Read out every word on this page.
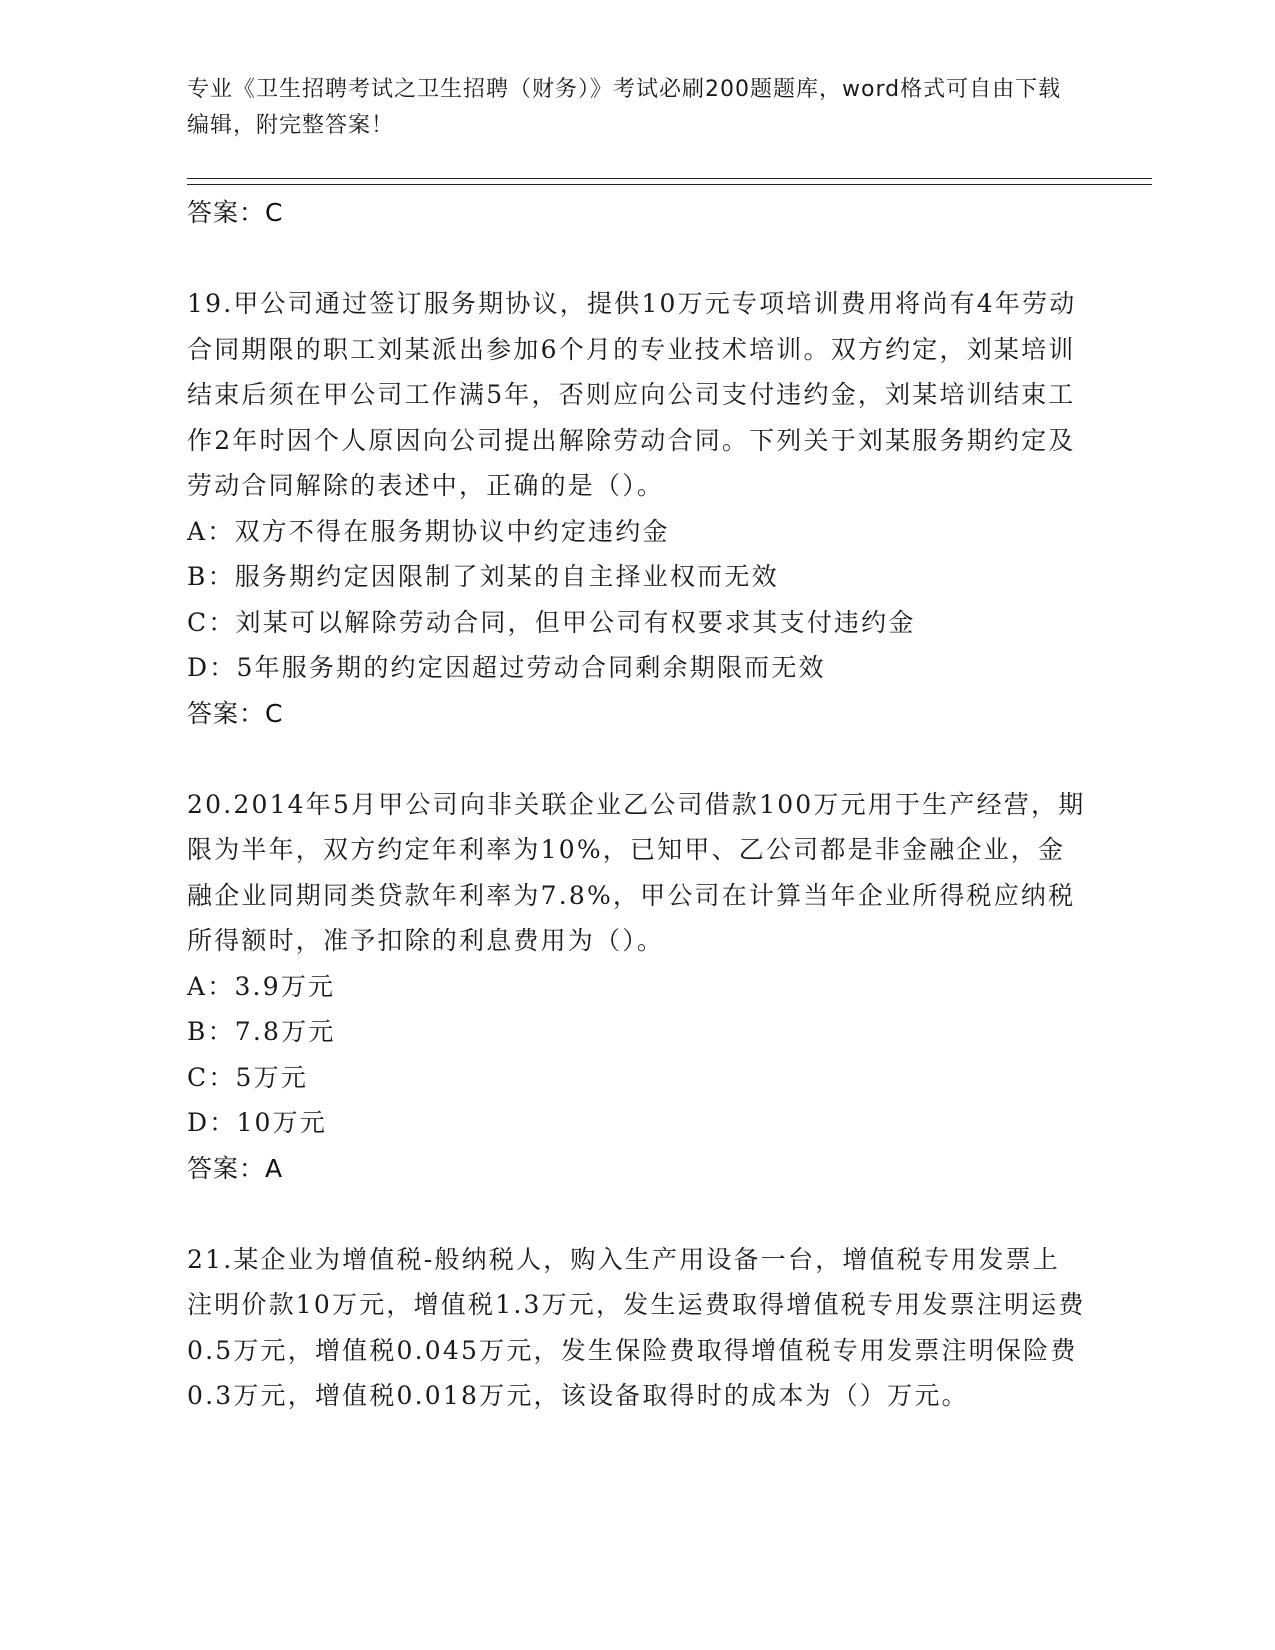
专业《卫生招聘考试之卫生招聘（财务）》考试必刷200题题库，word格式可自由下载编辑，附完整答案！
答案：C

19.甲公司通过签订服务期协议，提供10万元专项培训费用将尚有4年劳动合同期限的职工刘某派出参加6个月的专业技术培训。双方约定，刘某培训结束后须在甲公司工作满5年，否则应向公司支付违约金，刘某培训结束工作2年时因个人原因向公司提出解除劳动合同。下列关于刘某服务期约定及劳动合同解除的表述中，正确的是（）。

A：双方不得在服务期协议中约定违约金
B：服务期约定因限制了刘某的自主择业权而无效
C：刘某可以解除劳动合同，但甲公司有权要求其支付违约金
D：5年服务期的约定因超过劳动合同剩余期限而无效
答案：C

20.2014年5月甲公司向非关联企业乙公司借款100万元用于生产经营，期限为半年，双方约定年利率为10%，已知甲、乙公司都是非金融企业，金融企业同期同类贷款年利率为7.8%，甲公司在计算当年企业所得税应纳税所得额时，准予扣除的利息费用为（）。

A：3.9万元
B：7.8万元
C：5万元
D：10万元
答案：A

21.某企业为增值税-般纳税人，购入生产用设备一台，增值税专用发票上注明价款10万元，增值税1.3万元，发生运费取得增值税专用发票注明运费0.5万元，增值税0.045万元，发生保险费取得增值税专用发票注明保险费0.3万元，增值税0.018万元，该设备取得时的成本为（）万元。
